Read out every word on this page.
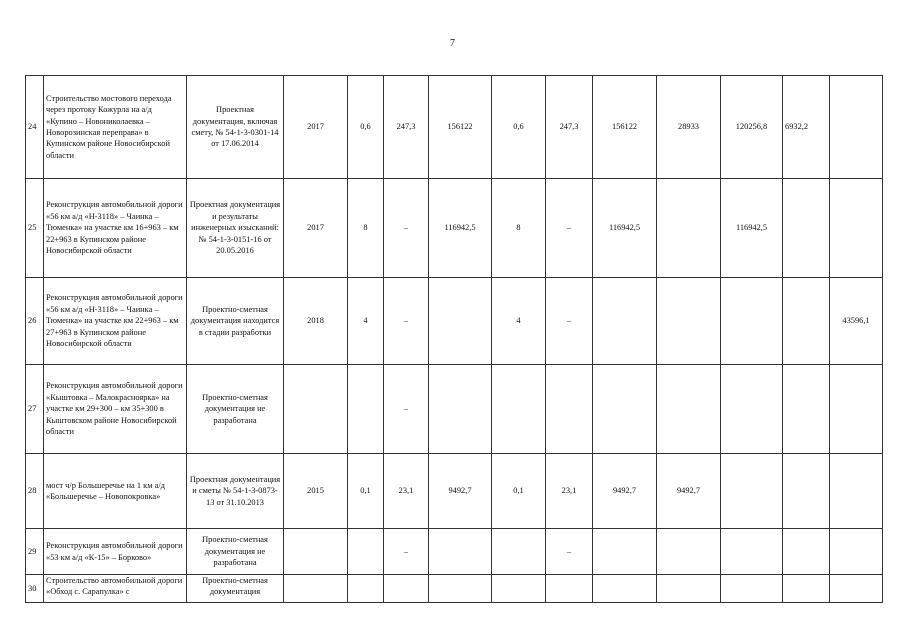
7
24	Строительство мостового перехода через протоку Кожурла на а/д «Купино – Новониколаевка – Новорозинская переправа» в Купинском районе Новосибирской области	Проектная документация, включая смету, № 54-1-3-0301-14 от 17.06.2014	2017	0,6	247,3	156122	0,6	247,3	156122	28933	120256,8	6932,2		
25	Реконструкция автомобильной дороги «56 км а/д «Н-3118» – Чаинка – Тюменка» на участке км 16+963 – км 22+963 в Купинском районе Новосибирской области	Проектная документация и результаты инженерных изысканий: № 54-1-3-0151-16 от 20.05.2016	2017	8	–	116942,5	8	–	116942,5		116942,5			
26	Реконструкция автомобильной дороги «56 км а/д «Н-3118» – Чаинка – Тюменка» на участке км 22+963 – км 27+963 в Купинском районе Новосибирской области	Проектно-сметная документация находится в стадии разработки	2018	4	–		4	–					43596,1	
27	Реконструкция автомобильной дороги «Кыштовка – Малокрасноярка» на участке км 29+300 – км 35+300 в Кыштовском районе Новосибирской области	Проектно-сметная документация не разработана			–									
28	мост ч/р Большеречье на 1 км а/д «Большеречье – Новопокровка»	Проектная документация и сметы № 54-1-3-0873-13 от 31.10.2013	2015	0,1	23,1	9492,7	0,1	23,1	9492,7	9492,7				
29	Реконструкция автомобильной дороги «53 км а/д «К-15» – Борково»	Проектно-сметная документация не разработана			–			–						
30	Строительство автомобильной дороги «Обход с. Сарапулка» с	Проектно-сметная документация												
